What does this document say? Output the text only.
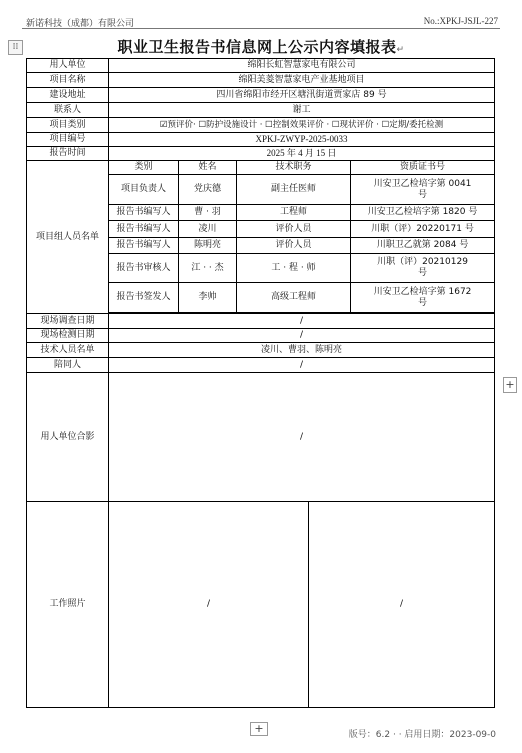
新诺科技（成都）有限公司	No.:XPKJ-JSJL-227
⁞⁞	职业卫生报告书信息网上公示内容填报表↵
用人单位	绵阳长虹智慧家电有限公司				
项目名称	绵阳美菱智慧家电产业基地项目				
建设地址	四川省绵阳市经开区塘汛街道贾家店 89 号				
联系人	谢工				
项目类别	☑预评价· ☐防护设施设计 · ☐控制效果评价 · ☐现状评价 · ☐定期/委托检测				
项目编号	XPKJ-ZWYP-2025-0033				
报告时间	2025 年 4 月 15 日				
项目组人员名单	类别	姓名	技术职务		资质证书号
	项目负责人	党庆德	副主任医师		川安卫乙检培字第 0041 号
	报告书编写人	曹 · 羽	工程师		川安卫乙检培字第 1820 号
	报告书编写人	凌川	评价人员		川职（评）202201​71 号
	报告书编写人	陈明亮	评价人员		川职卫乙就第 2084 号
	报告书审核人	江 · · 杰	工 · 程 · 师		川职（评）20210129 号
	报告书签发人	李帅	高级工程师		川安卫乙检培字第 1672 号

现场调查日期	/				
现场检测日期	/				
技术人员名单	凌川、曹羽、陈明亮				
陪同人	/				
用人单位合影	/				
工作照片	/			/	
+
+	版号：6.2 · · 启用日期：2023-09-0
